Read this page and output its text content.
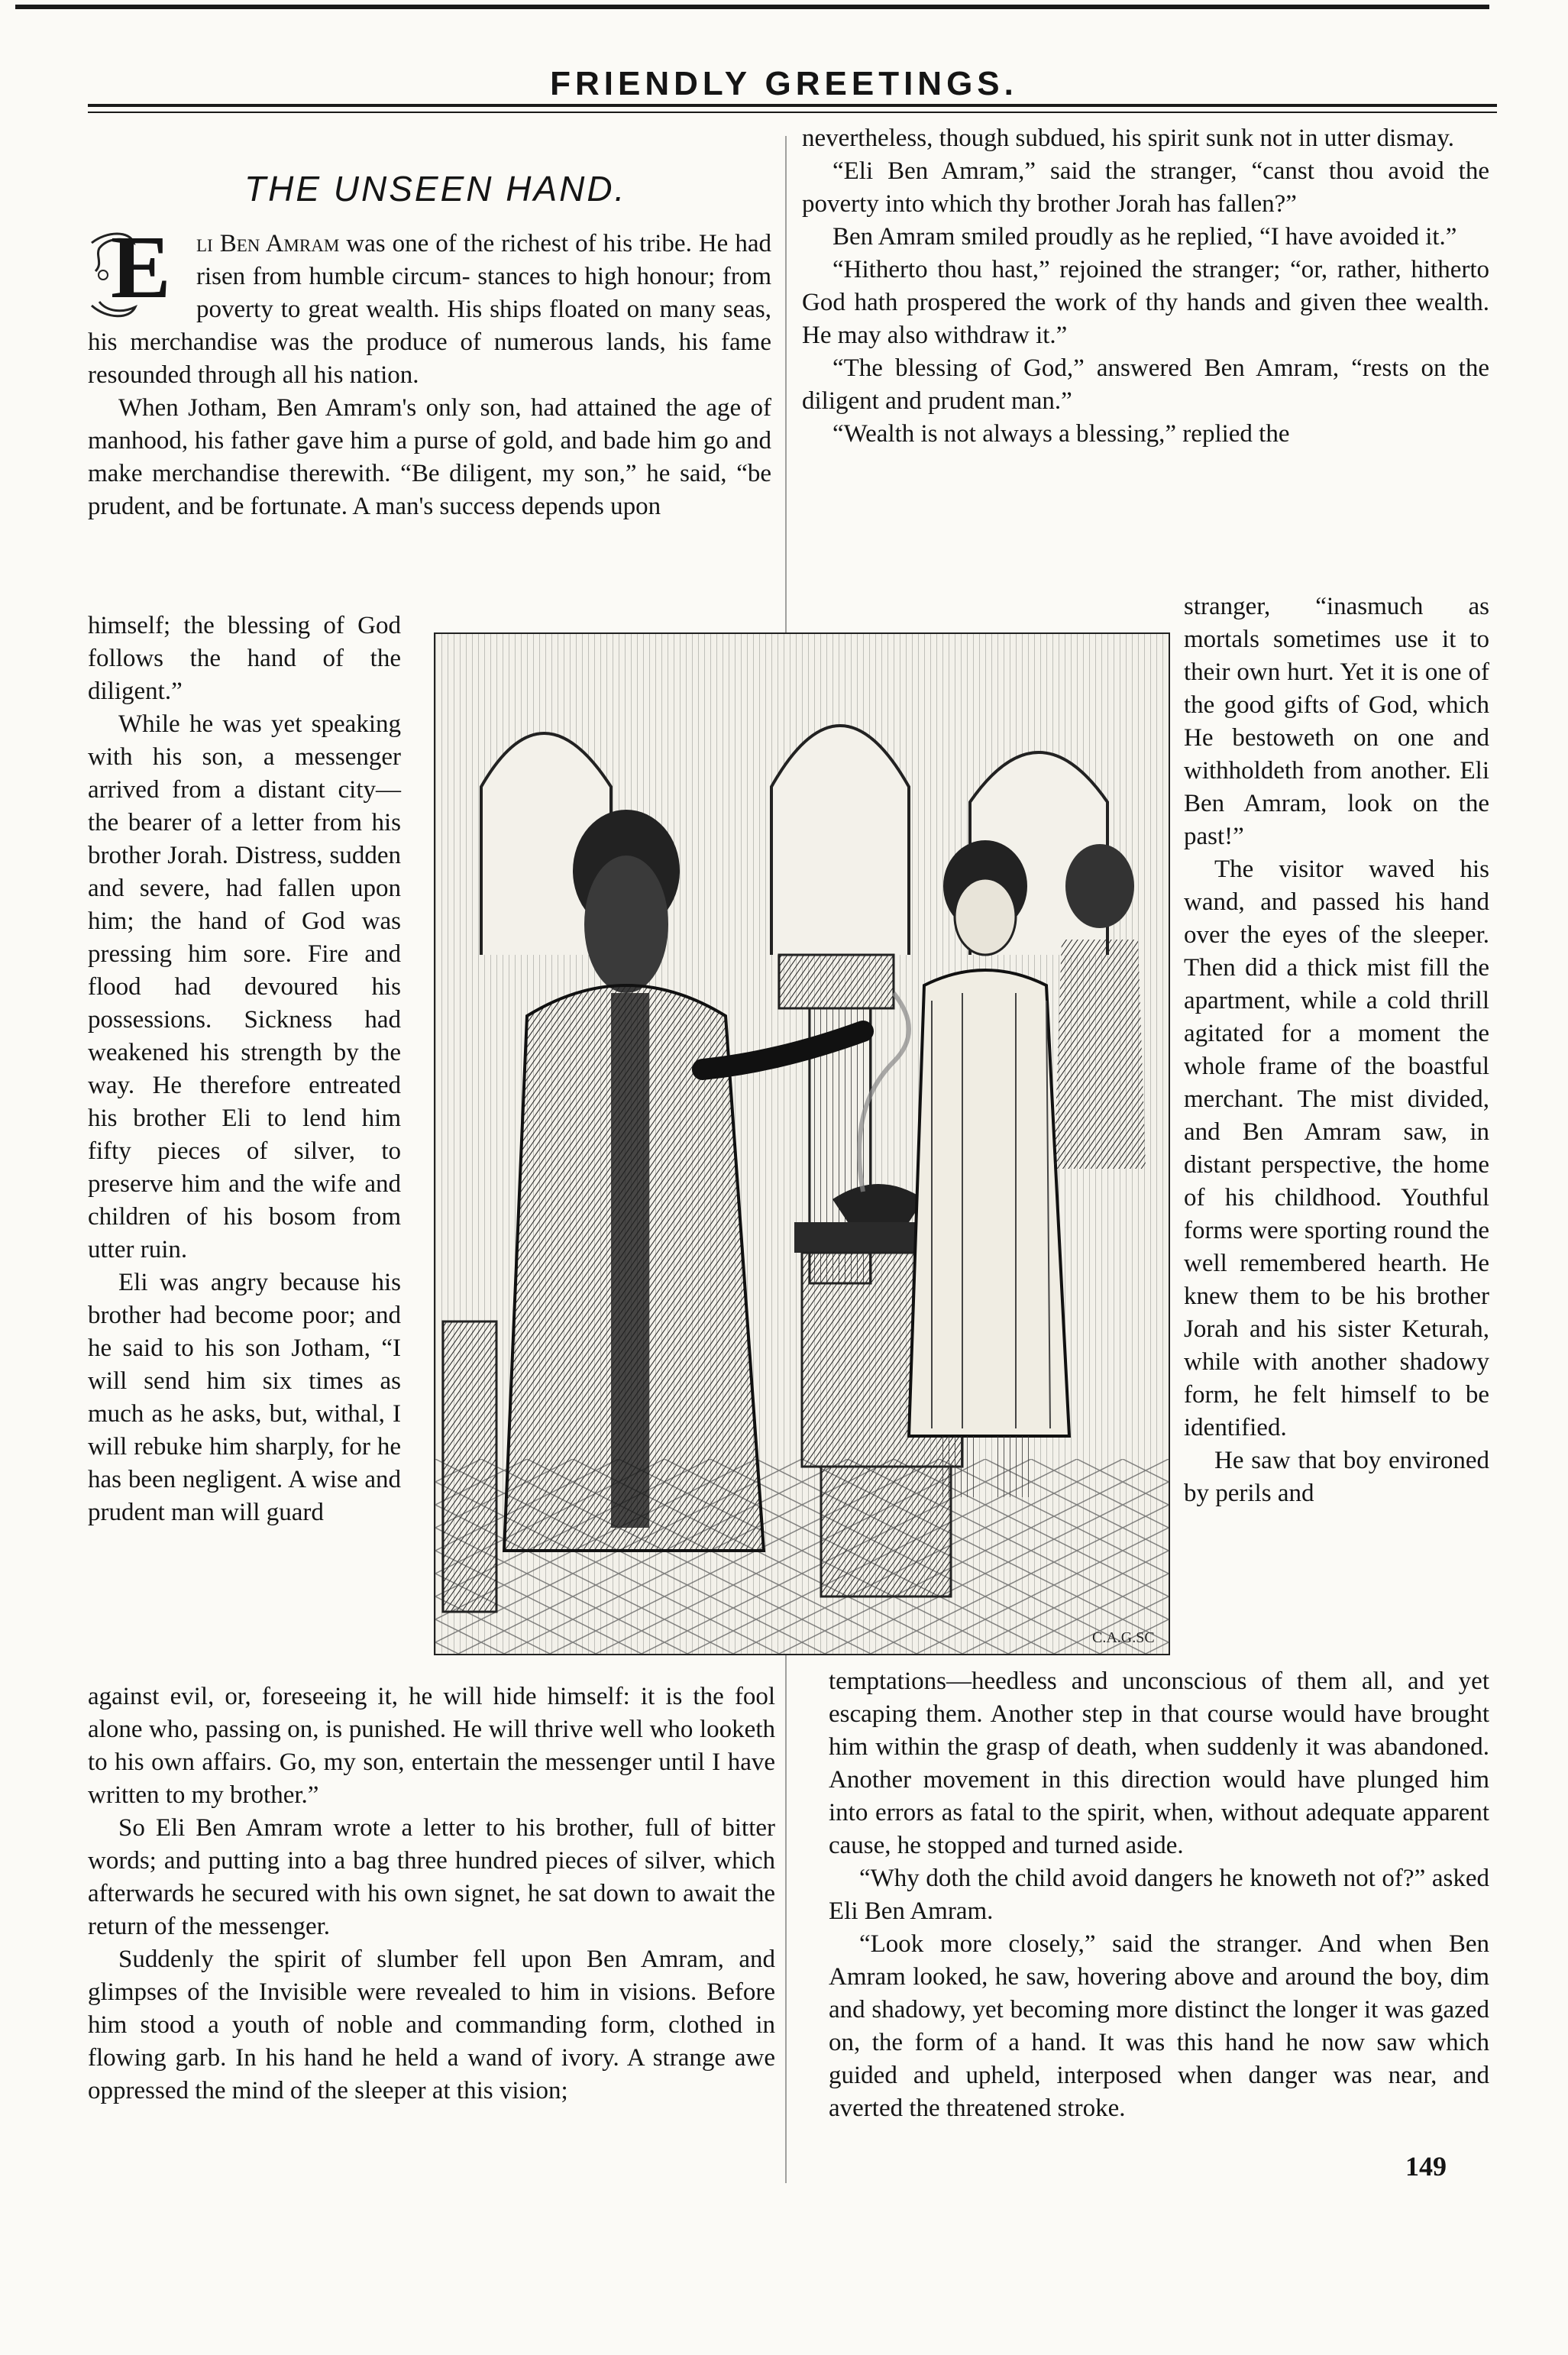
FRIENDLY GREETINGS.
THE UNSEEN HAND.

E li Ben Amram was one of the richest of his tribe. He had risen from humble circum- stances to high honour; from poverty to great wealth. His ships floated on many seas, his merchandise was the produce of numerous lands, his fame resounded through all his nation.

When Jotham, Ben Amram's only son, had attained the age of manhood, his father gave him a purse of gold, and bade him go and make merchandise therewith. “Be diligent, my son,” he said, “be prudent, and be fortunate. A man's success depends upon

himself; the blessing of God follows the hand of the diligent.”

While he was yet speaking with his son, a messenger arrived from a distant city—the bearer of a letter from his brother Jorah. Distress, sudden and severe, had fallen upon him; the hand of God was pressing him sore. Fire and flood had devoured his possessions. Sickness had weakened his strength by the way. He therefore entreated his brother Eli to lend him fifty pieces of silver, to preserve him and the wife and children of his bosom from utter ruin.

Eli was angry because his brother had become poor; and he said to his son Jotham, “I will send him six times as much as he asks, but, withal, I will rebuke him sharply, for he has been negligent. A wise and prudent man will guard

against evil, or, foreseeing it, he will hide himself: it is the fool alone who, passing on, is punished. He will thrive well who looketh to his own affairs. Go, my son, entertain the messenger until I have written to my brother.”

So Eli Ben Amram wrote a letter to his brother, full of bitter words; and putting into a bag three hundred pieces of silver, which afterwards he secured with his own signet, he sat down to await the return of the messenger.

Suddenly the spirit of slumber fell upon Ben Amram, and glimpses of the Invisible were revealed to him in visions. Before him stood a youth of noble and commanding form, clothed in flowing garb. In his hand he held a wand of ivory. A strange awe oppressed the mind of the sleeper at this vision;

nevertheless, though subdued, his spirit sunk not in utter dismay.

“Eli Ben Amram,” said the stranger, “canst thou avoid the poverty into which thy brother Jorah has fallen?”

Ben Amram smiled proudly as he replied, “I have avoided it.”

“Hitherto thou hast,” rejoined the stranger; “or, rather, hitherto God hath prospered the work of thy hands and given thee wealth. He may also withdraw it.”

“The blessing of God,” answered Ben Amram, “rests on the diligent and prudent man.”

“Wealth is not always a blessing,” replied the

stranger, “inasmuch as mortals sometimes use it to their own hurt. Yet it is one of the good gifts of God, which He bestoweth on one and withholdeth from another. Eli Ben Amram, look on the past!”

The visitor waved his wand, and passed his hand over the eyes of the sleeper. Then did a thick mist fill the apartment, while a cold thrill agitated for a moment the whole frame of the boastful merchant. The mist divided, and Ben Amram saw, in distant perspective, the home of his childhood. Youthful forms were sporting round the well remembered hearth. He knew them to be his brother Jorah and his sister Keturah, while with another shadowy form, he felt himself to be identified.

He saw that boy environed by perils and

temptations—heedless and unconscious of them all, and yet escaping them. Another step in that course would have brought him within the grasp of death, when suddenly it was abandoned. Another movement in this direction would have plunged him into errors as fatal to the spirit, when, without adequate apparent cause, he stopped and turned aside.

“Why doth the child avoid dangers he knoweth not of?” asked Eli Ben Amram.

“Look more closely,” said the stranger. And when Ben Amram looked, he saw, hovering above and around the boy, dim and shadowy, yet becoming more distinct the longer it was gazed on, the form of a hand. It was this hand he now saw which guided and upheld, interposed when danger was near, and averted the threatened stroke.

C.A.G.SC
149
